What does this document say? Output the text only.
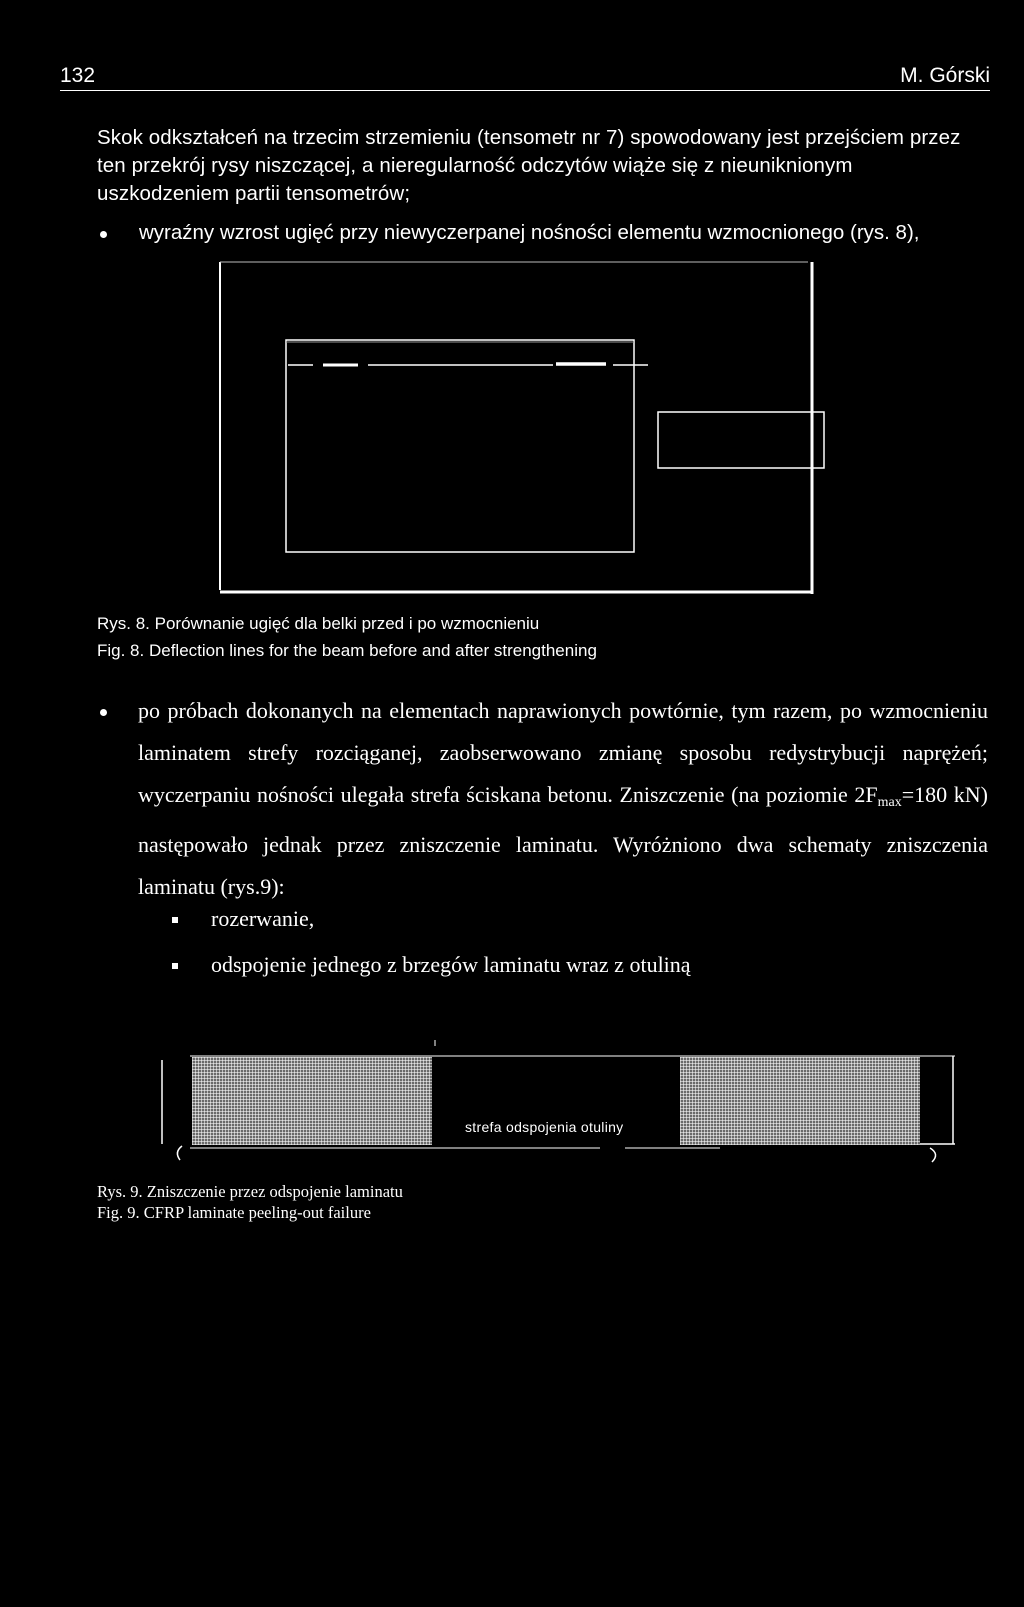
132	M. Górski
Skok odkształceń na trzecim strzemieniu (tensometr nr 7) spowodowany jest przejściem przez ten przekrój rysy niszczącej, a nieregularność odczytów wiąże się z nieuniknionym uszkodzeniem partii tensometrów;
wyraźny wzrost ugięć przy niewyczerpanej nośności elementu wzmocnionego (rys. 8),
Rys. 8. Porównanie ugięć dla belki przed i po wzmocnieniu
Fig. 8. Deflection lines for the beam before and after strengthening

po próbach dokonanych na elementach naprawionych powtórnie, tym razem, po wzmocnieniu laminatem strefy rozciąganej, zaobserwowano zmianę sposobu redystrybucji naprężeń; wyczerpaniu nośności ulegała strefa ściskana betonu. Zniszczenie (na poziomie $2F_{max}=180$ kN) następowało jednak przez zniszczenie laminatu. Wyróżniono dwa schematy zniszczenia laminatu (rys.9):

rozerwanie,
odspojenie jednego z brzegów laminatu wraz z otuliną
strefa odspojenia otuliny
Rys. 9. Zniszczenie przez odspojenie laminatu
Fig. 9. CFRP laminate peeling-out failure
